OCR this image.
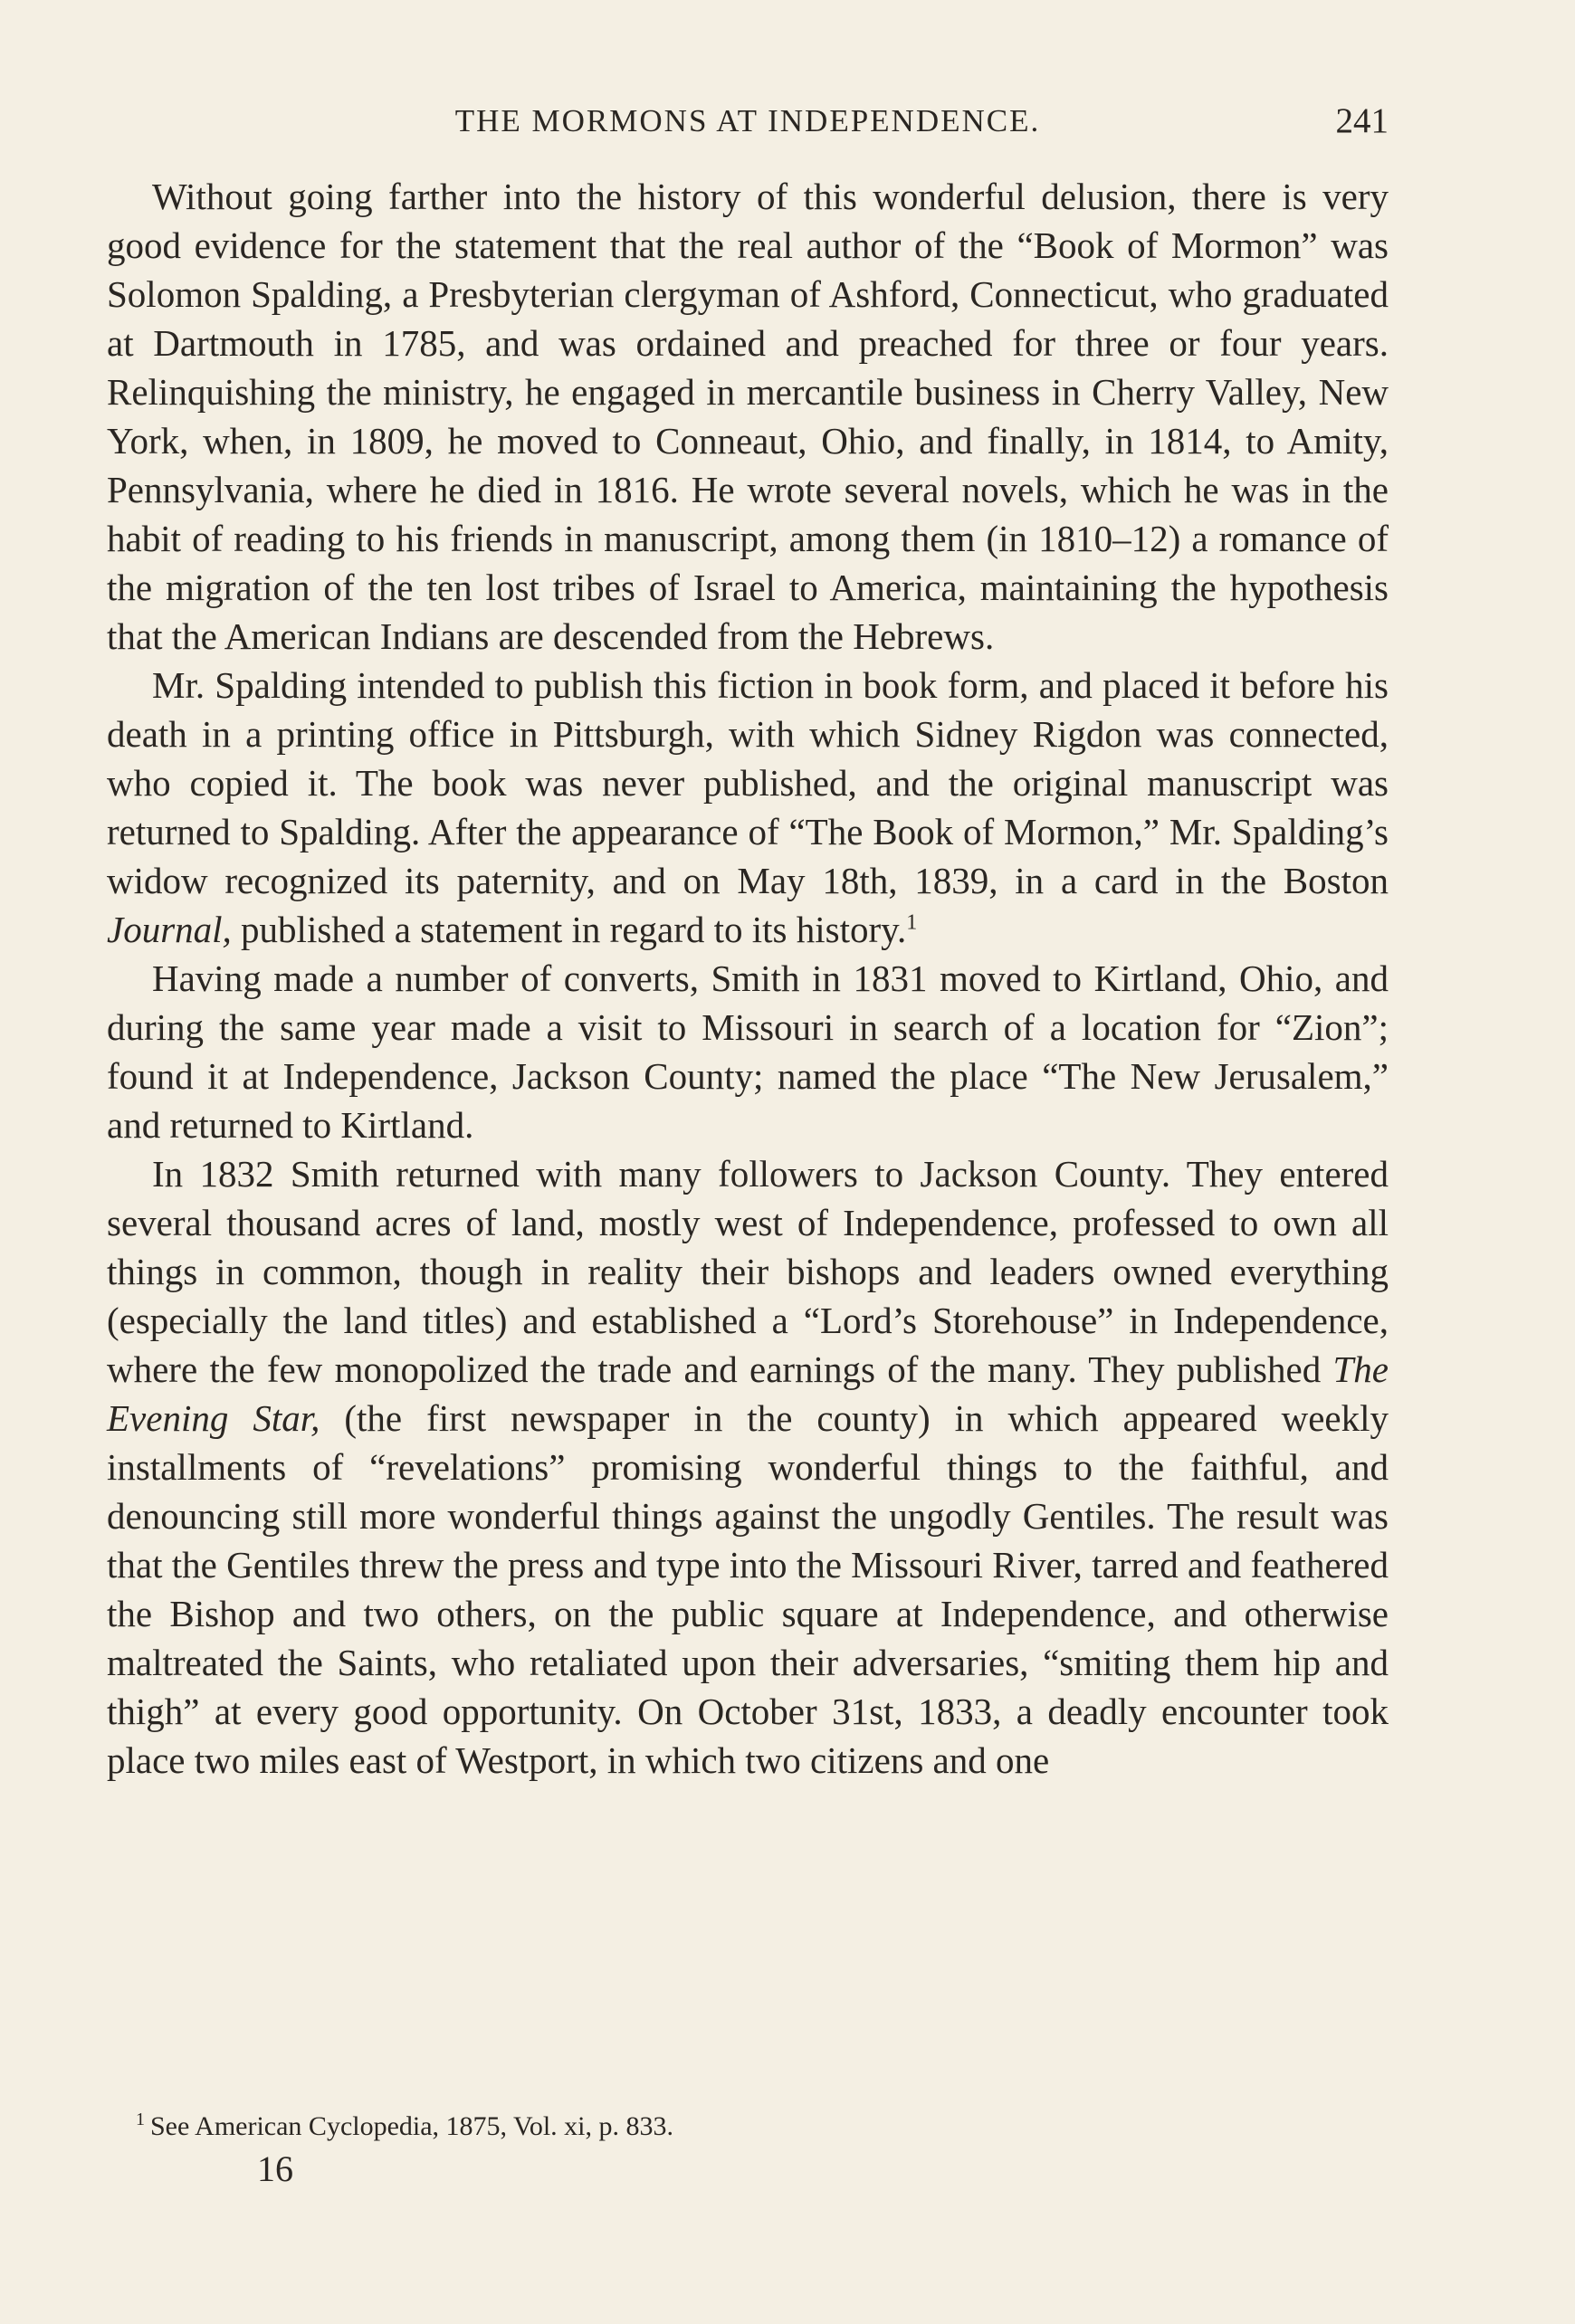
THE MORMONS AT INDEPENDENCE.	241

Without going farther into the history of this wonderful delusion, there is very good evidence for the statement that the real author of the “Book of Mormon” was Solomon Spalding, a Presbyterian clergyman of Ashford, Connecticut, who graduated at Dartmouth in 1785, and was ordained and preached for three or four years. Relinquishing the ministry, he engaged in mercantile business in Cherry Valley, New York, when, in 1809, he moved to Conneaut, Ohio, and finally, in 1814, to Amity, Pennsylvania, where he died in 1816. He wrote several novels, which he was in the habit of reading to his friends in manuscript, among them (in 1810–12) a romance of the migration of the ten lost tribes of Israel to America, maintaining the hypothesis that the American Indians are descended from the Hebrews.

Mr. Spalding intended to publish this fiction in book form, and placed it before his death in a printing office in Pittsburgh, with which Sidney Rigdon was connected, who copied it. The book was never published, and the original manuscript was returned to Spalding. After the appearance of “The Book of Mormon,” Mr. Spalding’s widow recognized its paternity, and on May 18th, 1839, in a card in the Boston Journal, published a statement in regard to its history.$^1$

Having made a number of converts, Smith in 1831 moved to Kirtland, Ohio, and during the same year made a visit to Missouri in search of a location for “Zion”; found it at Independence, Jackson County; named the place “The New Jerusalem,” and returned to Kirtland.

In 1832 Smith returned with many followers to Jackson County. They entered several thousand acres of land, mostly west of Independence, professed to own all things in common, though in reality their bishops and leaders owned everything (especially the land titles) and established a “Lord’s Storehouse” in Independence, where the few monopolized the trade and earnings of the many. They published The Evening Star, (the first newspaper in the county) in which appeared weekly installments of “revelations” promising wonderful things to the faithful, and denouncing still more wonderful things against the ungodly Gentiles. The result was that the Gentiles threw the press and type into the Missouri River, tarred and feathered the Bishop and two others, on the public square at Independence, and otherwise maltreated the Saints, who retaliated upon their adversaries, “smiting them hip and thigh” at every good opportunity. On October 31st, 1833, a deadly encounter took place two miles east of Westport, in which two citizens and one

$^1$ See American Cyclopedia, 1875, Vol. xi, p. 833.
16
